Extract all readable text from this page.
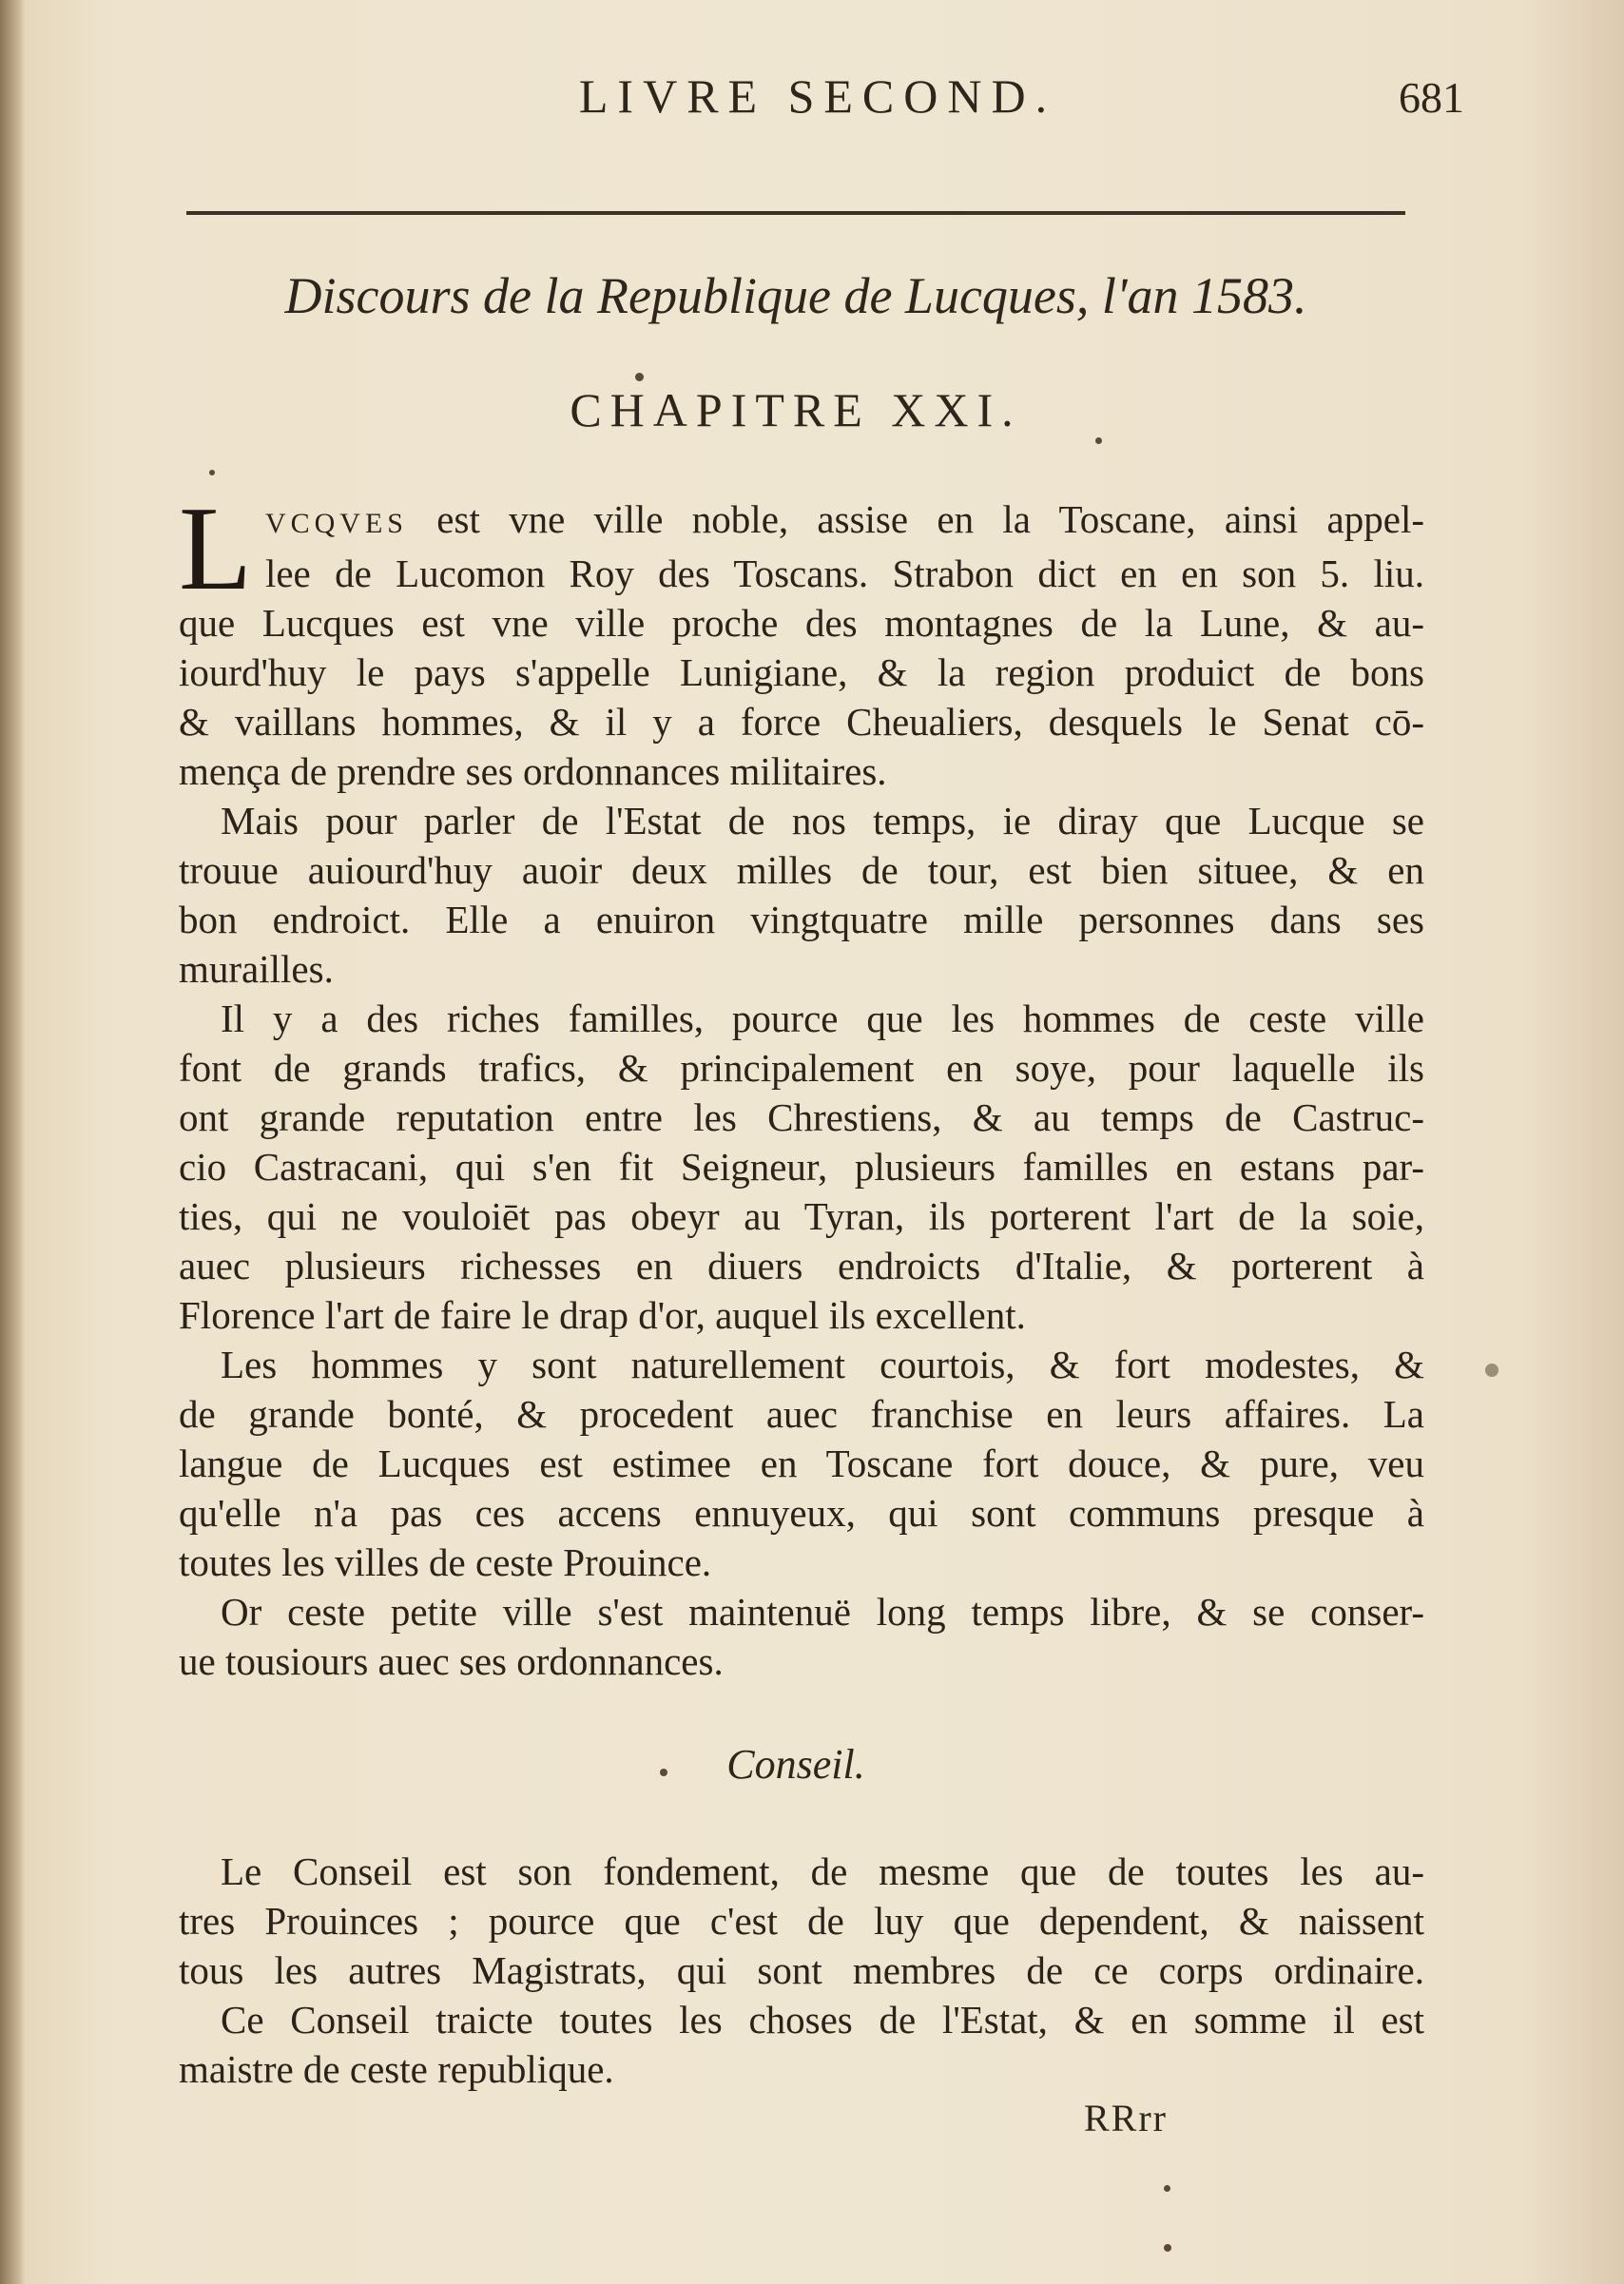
LIVRE SECOND.	681
Discours de la Republique de Lucques, l'an 1583.
CHAPITRE XXI.
L VCQVES est vne ville noble, assise en la Toscane, ainsi appel-
lee de Lucomon Roy des Toscans. Strabon dict en en son 5. liu.
que Lucques est vne ville proche des montagnes de la Lune, & au-
iourd'huy le pays s'appelle Lunigiane, & la region produict de bons
& vaillans hommes, & il y a force Cheualiers, desquels le Senat cō-
mença de prendre ses ordonnances militaires.
Mais pour parler de l'Estat de nos temps, ie diray que Lucque se
trouue auiourd'huy auoir deux milles de tour, est bien situee, & en
bon endroict. Elle a enuiron vingtquatre mille personnes dans ses
murailles.
Il y a des riches familles, pource que les hommes de ceste ville
font de grands trafics, & principalement en soye, pour laquelle ils
ont grande reputation entre les Chrestiens, & au temps de Castruc-
cio Castracani, qui s'en fit Seigneur, plusieurs familles en estans par-
ties, qui ne vouloiēt pas obeyr au Tyran, ils porterent l'art de la soie,
auec plusieurs richesses en diuers endroicts d'Italie, & porterent à
Florence l'art de faire le drap d'or, auquel ils excellent.
Les hommes y sont naturellement courtois, & fort modestes, &
de grande bonté, & procedent auec franchise en leurs affaires. La
langue de Lucques est estimee en Toscane fort douce, & pure, veu
qu'elle n'a pas ces accens ennuyeux, qui sont communs presque à
toutes les villes de ceste Prouince.
Or ceste petite ville s'est maintenuë long temps libre, & se conser-
ue tousiours auec ses ordonnances.
Conseil.
Le Conseil est son fondement, de mesme que de toutes les au-
tres Prouinces ; pource que c'est de luy que dependent, & naissent
tous les autres Magistrats, qui sont membres de ce corps ordinaire.
Ce Conseil traicte toutes les choses de l'Estat, & en somme il est
maistre de ceste republique.
RRrr
